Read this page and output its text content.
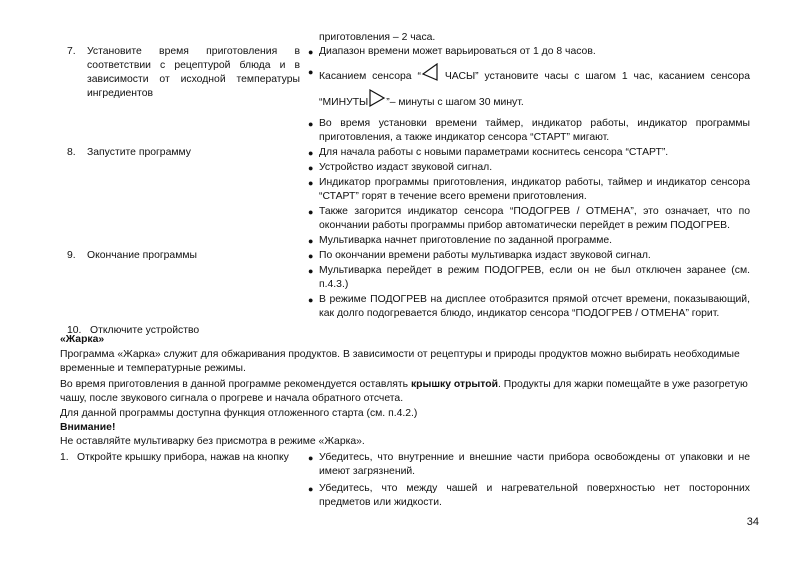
приготовления – 2 часа.
7.	Установите время приготовления в соответствии с рецептурой блюда и в зависимости от исходной температуры ингредиентов
● Диапазон времени может варьироваться от 1 до 8 часов.
● Касанием сенсора “ ЧАСЫ” установите часы с шагом 1 час, касанием сенсора “МИНУТЫ ”– минуты с шагом 30 минут.
● Во время установки времени таймер, индикатор работы, индикатор программы приготовления, а также индикатор сенсора “СТАРТ” мигают.
8.	Запустите программу	● Для начала работы с новыми параметрами коснитесь сенсора “СТАРТ”.
● Устройство издаст звуковой сигнал.
● Индикатор программы приготовления, индикатор работы, таймер и индикатор сенсора “СТАРТ” горят в течение всего времени приготовления.
● Также загорится индикатор сенсора “ПОДОГРЕВ / ОТМЕНА”, это означает, что по окончании работы программы прибор автоматически перейдет в режим ПОДОГРЕВ.
● Мультиварка начнет приготовление по заданной программе.
9.	Окончание программы	● По окончании времени работы мультиварка издаст звуковой сигнал.
● Мультиварка перейдет в режим ПОДОГРЕВ, если он не был отключен заранее (см. п.4.3.)
● В режиме ПОДОГРЕВ на дисплее отобразится прямой отсчет времени, показывающий, как долго подогревается блюдо, индикатор сенсора “ПОДОГРЕВ / ОТМЕНА” горит.
10. Отключите устройство
«Жарка»

Программа «Жарка» служит для обжаривания продуктов. В зависимости от рецептуры и природы продуктов можно выбирать необходимые временные и температурные режимы.

Во время приготовления в данной программе рекомендуется оставлять крышку отрытой. Продукты для жарки помещайте в уже разогретую чашу, после звукового сигнала о прогреве и начала обратного отсчета.

Для данной программы доступна функция отложенного старта (см. п.4.2.)

Внимание!

Не оставляйте мультиварку без присмотра в режиме «Жарка».

1. Откройте крышку прибора, нажав на кнопку	● Убедитесь, что внутренние и внешние части прибора освобождены от упаковки и не имеют загрязнений.
● Убедитесь, что между чашей и нагревательной поверхностью нет посторонних предметов или жидкости.
34
